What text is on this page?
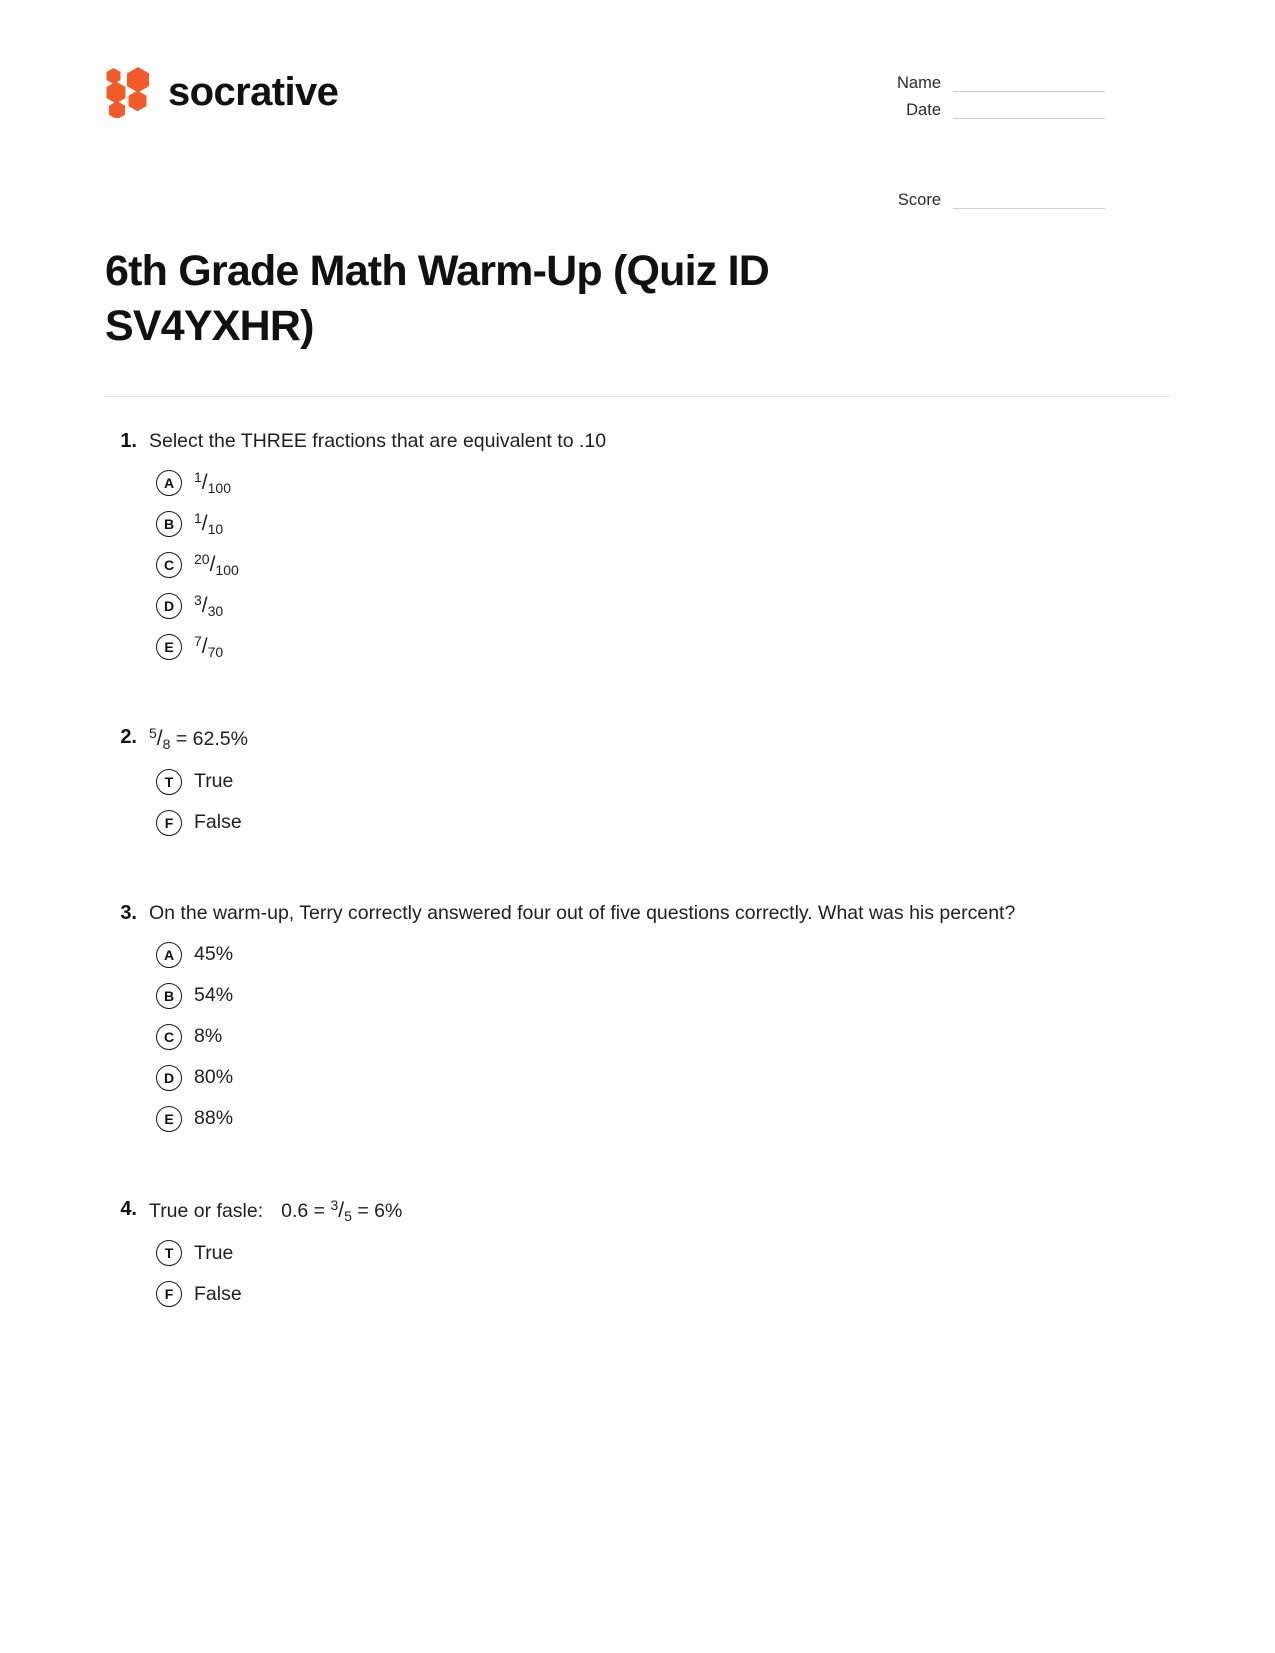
socrative	Name
Date
Score
6th Grade Math Warm-Up (Quiz ID SV4YXHR)
1. Select the THREE fractions that are equivalent to .10
A	$^1/_{100}$
B	$^1/_{10}$
C	$^{20}/_{100}$
D	$^3/_{30}$
E	$^7/_{70}$
2. $^5/_8 = 62.5\%$
T	True
F	False
3. On the warm-up, Terry correctly answered four out of five questions correctly. What was his percent?
A	45%
B	54%
C	8%
D	80%
E	88%
4. True or fasle: $0.6 = ^3/_5 = 6\%$
T	True
F	False
